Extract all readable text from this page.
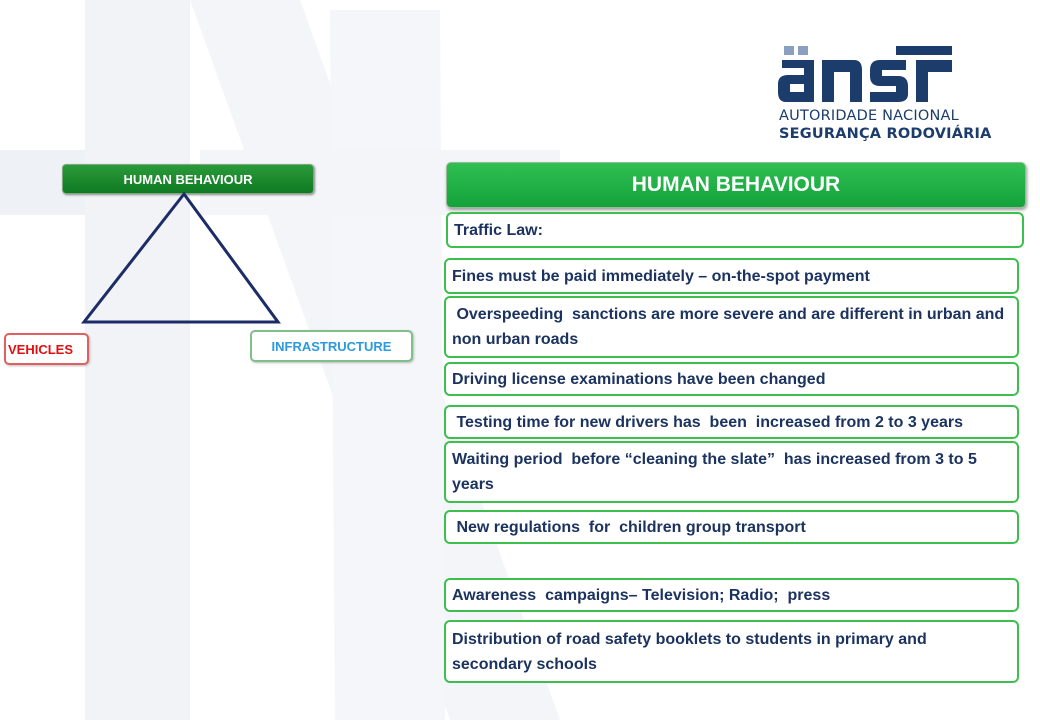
AUTORIDADE NACIONAL
SEGURANÇA RODOVIÁRIA
HUMAN BEHAVIOUR
VEHICLES	INFRASTRUCTURE
HUMAN BEHAVIOUR
Traffic Law:
Fines must be paid immediately – on-the-spot payment
Overspeeding  sanctions are more severe and are different in urban and non urban roads
Driving license examinations have been changed
Testing time for new drivers has  been  increased from 2 to 3 years
Waiting period  before “cleaning the slate”  has increased from 3 to 5 years
New regulations  for  children group transport
Awareness  campaigns– Television; Radio;  press
Distribution of road safety booklets to students in primary and secondary schools
